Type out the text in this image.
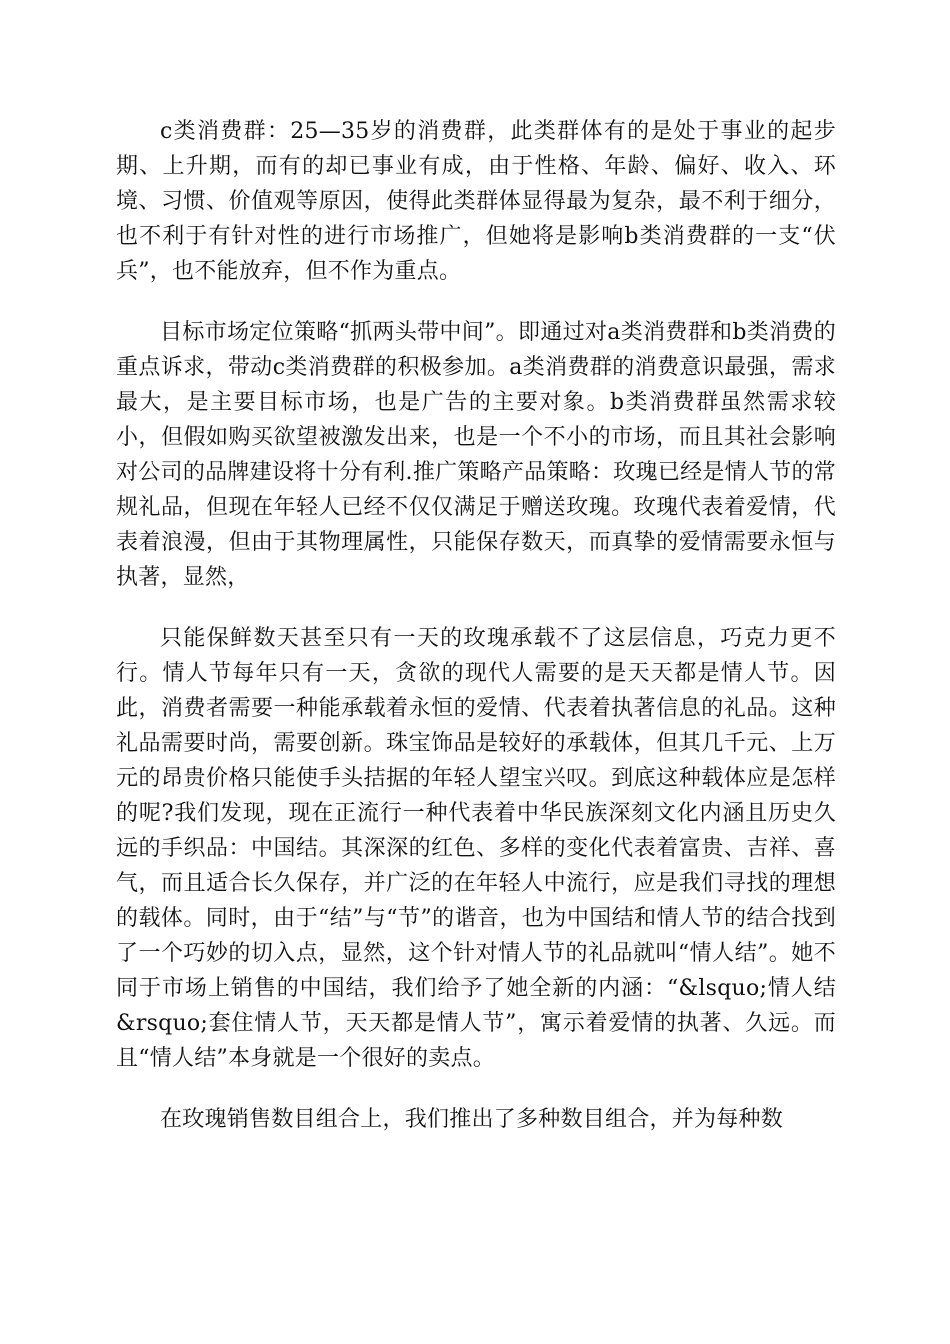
c类消费群：25—35岁的消费群，此类群体有的是处于事业的起步期、上升期，而有的却已事业有成，由于性格、年龄、偏好、收入、环境、习惯、价值观等原因，使得此类群体显得最为复杂，最不利于细分，也不利于有针对性的进行市场推广，但她将是影响b类消费群的一支“伏兵”，也不能放弃，但不作为重点。

目标市场定位策略“抓两头带中间”。即通过对a类消费群和b类消费的重点诉求，带动c类消费群的积极参加。a类消费群的消费意识最强，需求最大，是主要目标市场，也是广告的主要对象。b类消费群虽然需求较小，但假如购买欲望被激发出来，也是一个不小的市场，而且其社会影响对公司的品牌建设将十分有利.推广策略产品策略：玫瑰已经是情人节的常规礼品，但现在年轻人已经不仅仅满足于赠送玫瑰。玫瑰代表着爱情，代表着浪漫，但由于其物理属性，只能保存数天，而真挚的爱情需要永恒与执著，显然，

只能保鲜数天甚至只有一天的玫瑰承载不了这层信息，巧克力更不行。情人节每年只有一天，贪欲的现代人需要的是天天都是情人节。因此，消费者需要一种能承载着永恒的爱情、代表着执著信息的礼品。这种礼品需要时尚，需要创新。珠宝饰品是较好的承载体，但其几千元、上万元的昂贵价格只能使手头拮据的年轻人望宝兴叹。到底这种载体应是怎样的呢?我们发现，现在正流行一种代表着中华民族深刻文化内涵且历史久远的手织品：中国结。其深深的红色、多样的变化代表着富贵、吉祥、喜气，而且适合长久保存，并广泛的在年轻人中流行，应是我们寻找的理想的载体。同时，由于“结”与“节”的谐音，也为中国结和情人节的结合找到了一个巧妙的切入点，显然，这个针对情人节的礼品就叫“情人结”。她不同于市场上销售的中国结，我们给予了她全新的内涵：“&lsquo;情人结&rsquo;套住情人节，天天都是情人节”，寓示着爱情的执著、久远。而且“情人结”本身就是一个很好的卖点。

在玫瑰销售数目组合上，我们推出了多种数目组合，并为每种数
